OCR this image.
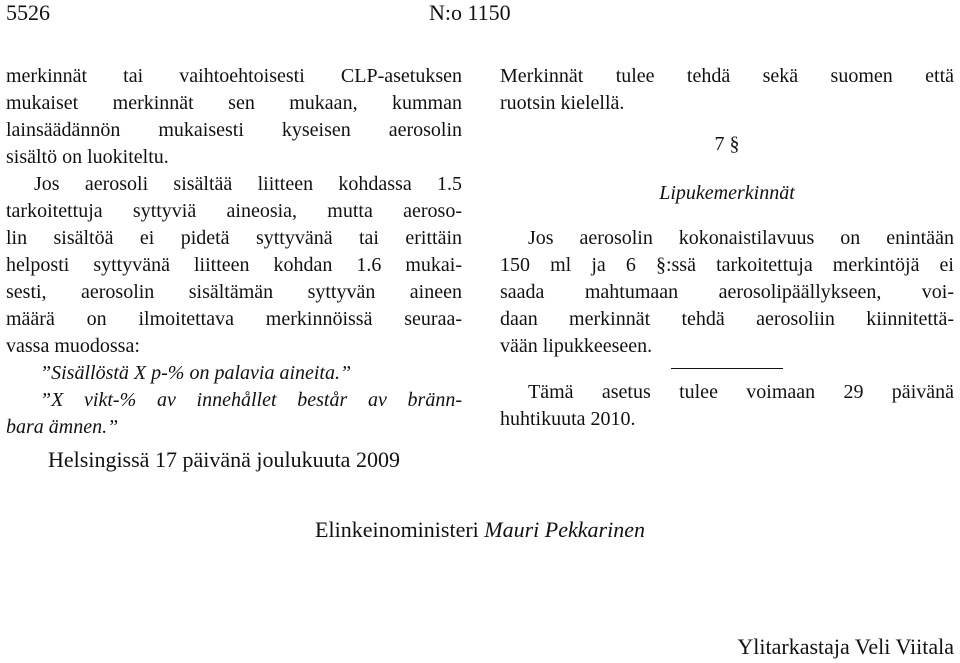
5526	N:o 1150

merkinnät tai vaihtoehtoisesti CLP-asetuksen

mukaiset merkinnät sen mukaan, kumman

lainsäädännön mukaisesti kyseisen aerosolin

sisältö on luokiteltu.

Jos aerosoli sisältää liitteen kohdassa 1.5

tarkoitettuja syttyviä aineosia, mutta aeroso-

lin sisältöä ei pidetä syttyvänä tai erittäin

helposti syttyvänä liitteen kohdan 1.6 mukai-

sesti, aerosolin sisältämän syttyvän aineen

määrä on ilmoitettava merkinnöissä seuraa-

vassa muodossa:

”Sisällöstä X p-% on palavia aineita.”

”X vikt-% av innehållet består av bränn-

bara ämnen.”

Merkinnät tulee tehdä sekä suomen että

ruotsin kielellä.

7 §
Lipukemerkinnät

Jos aerosolin kokonaistilavuus on enintään

150 ml ja 6 §:ssä tarkoitettuja merkintöjä ei

saada mahtumaan aerosolipäällykseen, voi-

daan merkinnät tehdä aerosoliin kiinnitettä-

vään lipukkeeseen.

Tämä asetus tulee voimaan 29 päivänä

huhtikuuta 2010.

Helsingissä 17 päivänä joulukuuta 2009
Elinkeinoministeri Mauri Pekkarinen
Ylitarkastaja Veli Viitala
